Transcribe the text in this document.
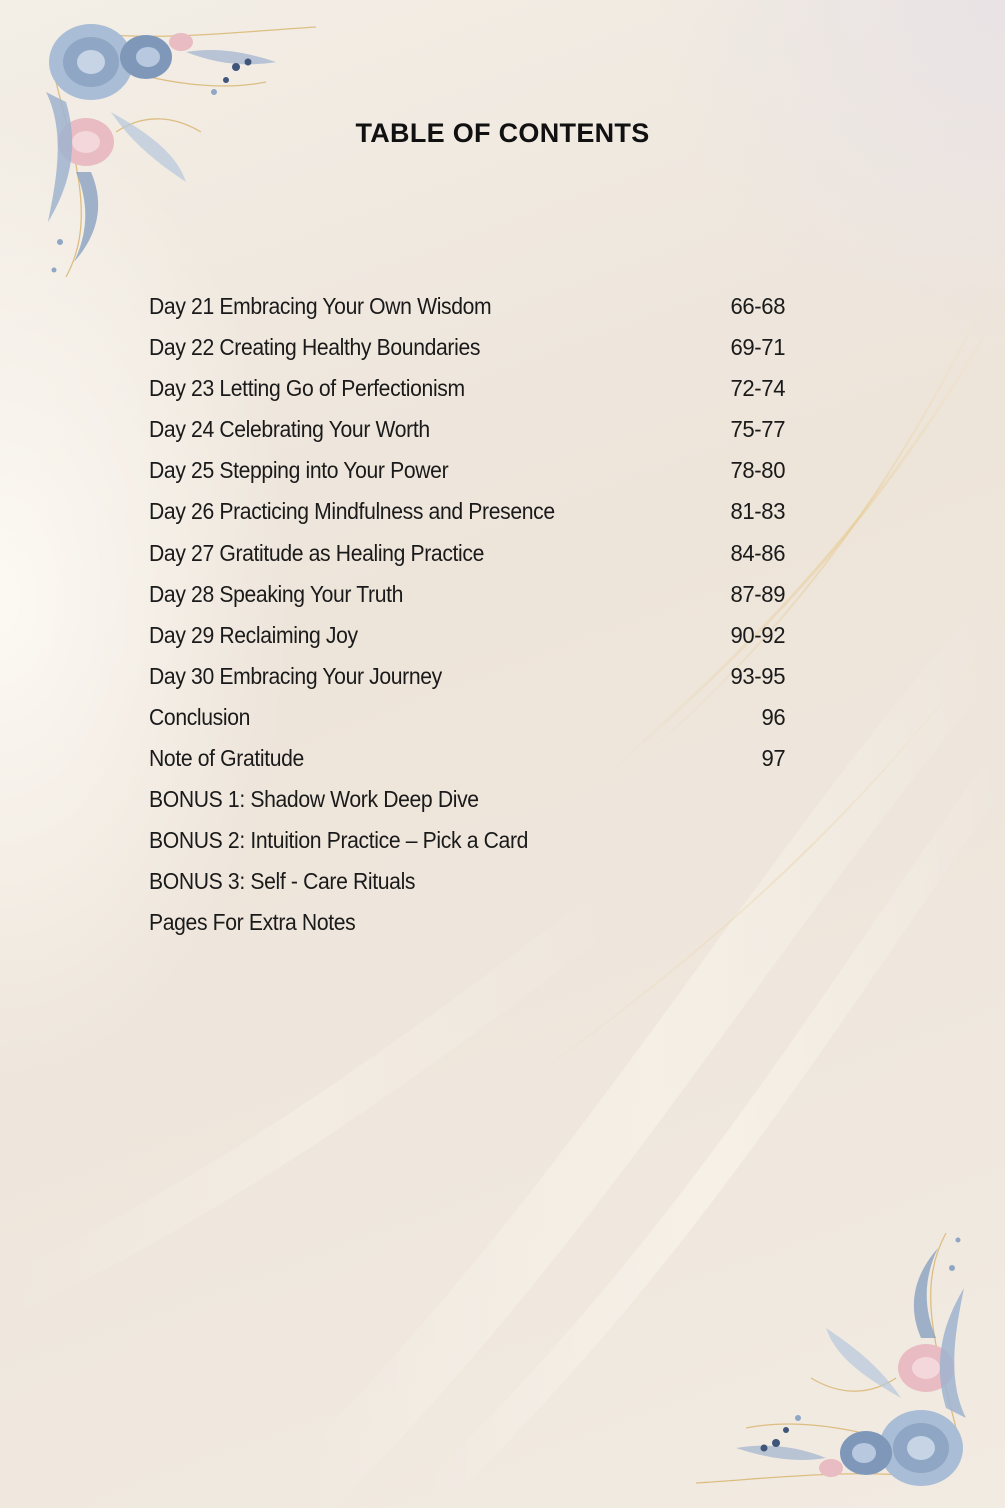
TABLE OF CONTENTS
Day 21 Embracing Your Own Wisdom	66-68
Day 22 Creating Healthy Boundaries	69-71
Day 23 Letting Go of Perfectionism	72-74
Day 24 Celebrating Your Worth	75-77
Day 25 Stepping into Your Power	78-80
Day 26 Practicing Mindfulness and Presence	81-83
Day 27 Gratitude as Healing Practice	84-86
Day 28 Speaking Your Truth	87-89
Day 29 Reclaiming Joy	90-92
Day 30 Embracing Your Journey	93-95
Conclusion	96
Note of Gratitude	97
BONUS 1: Shadow Work Deep Dive
BONUS 2: Intuition Practice – Pick a Card
BONUS 3: Self - Care Rituals
Pages For Extra Notes
